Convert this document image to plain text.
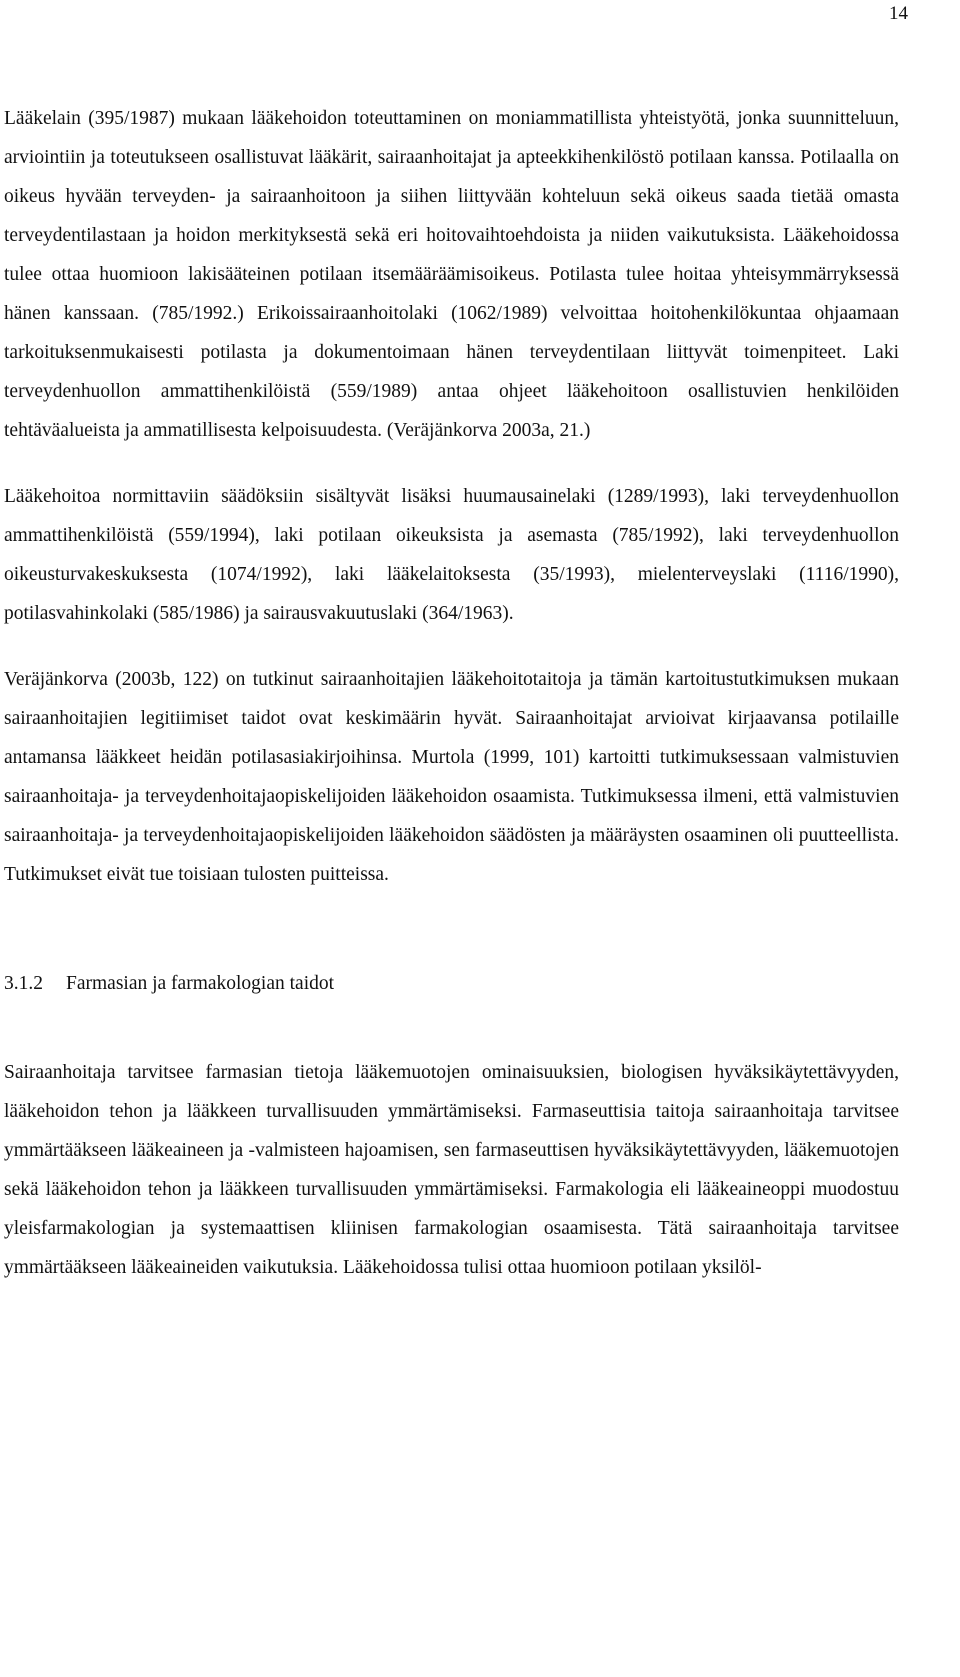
14

Lääkelain (395/1987) mukaan lääkehoidon toteuttaminen on moniammatillista yhteistyötä, jonka suunnitteluun, arviointiin ja toteutukseen osallistuvat lääkärit, sairaanhoitajat ja apteekkihenkilöstö potilaan kanssa. Potilaalla on oikeus hyvään terveyden- ja sairaanhoitoon ja siihen liittyvään kohteluun sekä oikeus saada tietää omasta terveydentilastaan ja hoidon merkityksestä sekä eri hoitovaihtoehdoista ja niiden vaikutuksista. Lääkehoidossa tulee ottaa huomioon lakisääteinen potilaan itsemääräämisoikeus. Potilasta tulee hoitaa yhteisymmärryksessä hänen kanssaan. (785/1992.) Erikoissairaanhoitolaki (1062/1989) velvoittaa hoitohenkilökuntaa ohjaamaan tarkoituksenmukaisesti potilasta ja dokumentoimaan hänen terveydentilaan liittyvät toimenpiteet. Laki terveydenhuollon ammattihenkilöistä (559/1989) antaa ohjeet lääkehoitoon osallistuvien henkilöiden tehtäväalueista ja ammatillisesta kelpoisuudesta. (Veräjänkorva 2003a, 21.)

Lääkehoitoa normittaviin säädöksiin sisältyvät lisäksi huumausainelaki (1289/1993), laki terveydenhuollon ammattihenkilöistä (559/1994), laki potilaan oikeuksista ja asemasta (785/1992), laki terveydenhuollon oikeusturvakeskuksesta (1074/1992), laki lääkelaitoksesta (35/1993), mielenterveyslaki (1116/1990), potilasvahinkolaki (585/1986) ja sairausvakuutuslaki (364/1963).

Veräjänkorva (2003b, 122) on tutkinut sairaanhoitajien lääkehoitotaitoja ja tämän kartoitustutkimuksen mukaan sairaanhoitajien legitiimiset taidot ovat keskimäärin hyvät. Sairaanhoitajat arvioivat kirjaavansa potilaille antamansa lääkkeet heidän potilasasiakirjoihinsa. Murtola (1999, 101) kartoitti tutkimuksessaan valmistuvien sairaanhoitaja- ja terveydenhoitajaopiskelijoiden lääkehoidon osaamista. Tutkimuksessa ilmeni, että valmistuvien sairaanhoitaja- ja terveydenhoitajaopiskelijoiden lääkehoidon säädösten ja määräysten osaaminen oli puutteellista. Tutkimukset eivät tue toisiaan tulosten puitteissa.

3.1.2 Farmasian ja farmakologian taidot

Sairaanhoitaja tarvitsee farmasian tietoja lääkemuotojen ominaisuuksien, biologisen hyväksikäytettävyyden, lääkehoidon tehon ja lääkkeen turvallisuuden ymmärtämiseksi. Farmaseuttisia taitoja sairaanhoitaja tarvitsee ymmärtääkseen lääkeaineen ja -valmisteen hajoamisen, sen farmaseuttisen hyväksikäytettävyyden, lääkemuotojen sekä lääkehoidon tehon ja lääkkeen turvallisuuden ymmärtämiseksi. Farmakologia eli lääkeaineoppi muodostuu yleisfarmakologian ja systemaattisen kliinisen farmakologian osaamisesta. Tätä sairaanhoitaja tarvitsee ymmärtääkseen lääkeaineiden vaikutuksia. Lääkehoidossa tulisi ottaa huomioon potilaan yksilöl-
